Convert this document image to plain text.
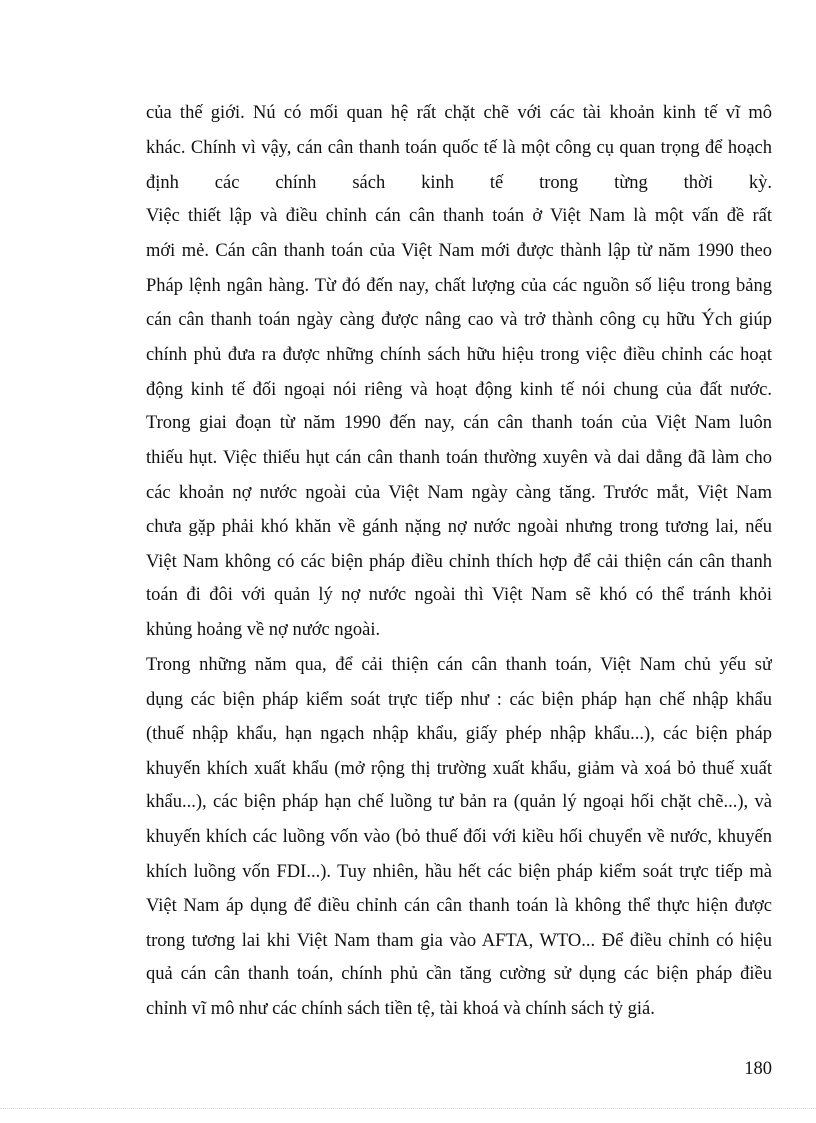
của thế giới. Nú có mối quan hệ rất chặt chẽ với các tài khoản kinh tế vĩ mô
khác. Chính vì vậy, cán cân thanh toán quốc tế là một công cụ quan trọng để hoạch
định các chính sách kinh tế trong từng thời kỳ.
Việc thiết lập và điều chỉnh cán cân thanh toán ở Việt Nam là một vấn đề rất
mới mẻ. Cán cân thanh toán của Việt Nam mới được thành lập từ năm 1990 theo
Pháp lệnh ngân hàng. Từ đó đến nay, chất lượng của các nguồn số liệu trong bảng
cán cân thanh toán ngày càng được nâng cao và trở thành công cụ hữu Ých giúp
chính phủ đưa ra được những chính sách hữu hiệu trong việc điều chỉnh các hoạt
động kinh tế đối ngoại nói riêng và hoạt động kinh tế nói chung của đất nước.
Trong giai đoạn từ năm 1990 đến nay, cán cân thanh toán của Việt Nam luôn
thiếu hụt. Việc thiếu hụt cán cân thanh toán thường xuyên và dai dẳng đã làm cho
các khoản nợ nước ngoài của Việt Nam ngày càng tăng. Trước mắt, Việt Nam
chưa gặp phải khó khăn về gánh nặng nợ nước ngoài nhưng trong tương lai, nếu
Việt Nam không có các biện pháp điều chỉnh thích hợp để cải thiện cán cân thanh
toán đi đôi với quản lý nợ nước ngoài thì Việt Nam sẽ khó có thể tránh khỏi
khủng hoảng về nợ nước ngoài.
Trong những năm qua, để cải thiện cán cân thanh toán, Việt Nam chủ yếu sử
dụng các biện pháp kiểm soát trực tiếp như : các biện pháp hạn chế nhập khẩu
(thuế nhập khẩu, hạn ngạch nhập khẩu, giấy phép nhập khẩu...), các biện pháp
khuyến khích xuất khẩu (mở rộng thị trường xuất khẩu, giảm và xoá bỏ thuế xuất
khẩu...), các biện pháp hạn chế luồng tư bản ra (quản lý ngoại hối chặt chẽ...), và
khuyến khích các luồng vốn vào (bỏ thuế đối với kiều hối chuyển về nước, khuyến
khích luồng vốn FDI...). Tuy nhiên, hầu hết các biện pháp kiểm soát trực tiếp mà
Việt Nam áp dụng để điều chỉnh cán cân thanh toán là không thể thực hiện được
trong tương lai khi Việt Nam tham gia vào AFTA, WTO... Để điều chỉnh có hiệu
quả cán cân thanh toán, chính phủ cần tăng cường sử dụng các biện pháp điều
chỉnh vĩ mô như các chính sách tiền tệ, tài khoá và chính sách tỷ giá.
180
